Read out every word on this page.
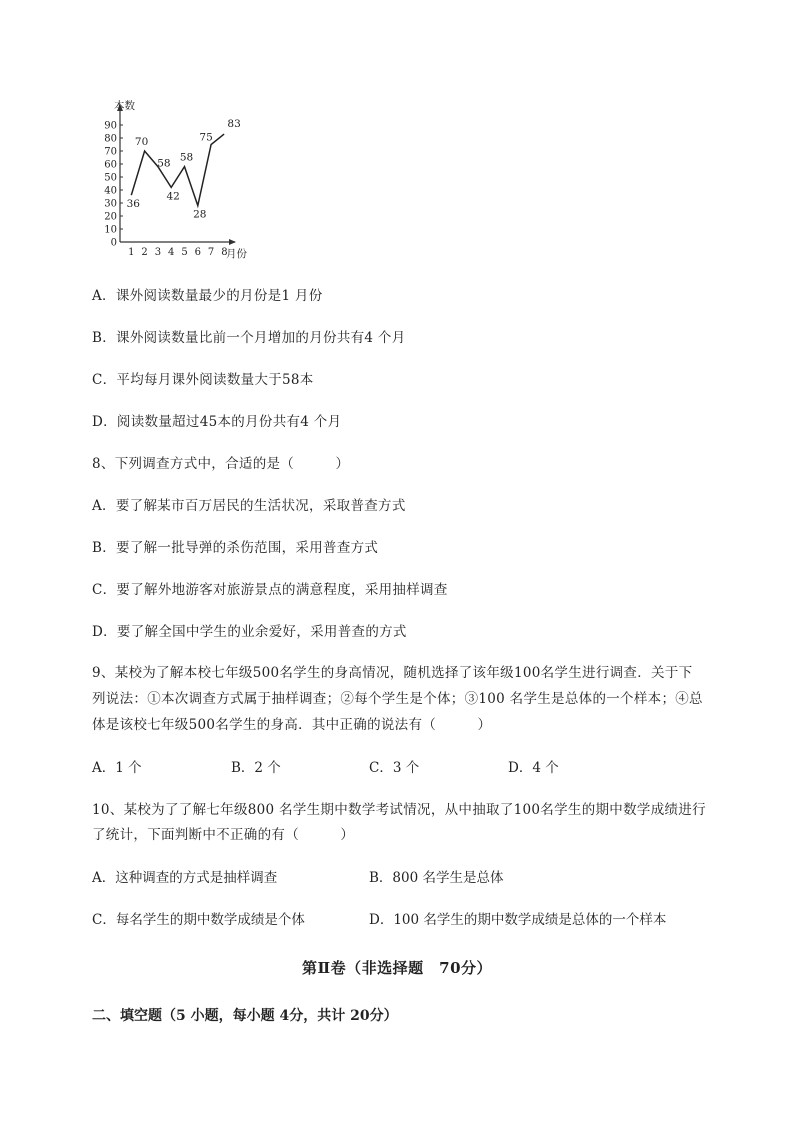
本数
月份
0
10
20
30
40
50
60
70
80
90
1 2 3 4 5 6 7 8
36
70
58
42
58
28
75
83
A．课外阅读数量最少的月份是1 月份
B．课外阅读数量比前一个月增加的月份共有4 个月
C．平均每月课外阅读数量大于58本
D．阅读数量超过45本的月份共有4 个月
8、下列调查方式中，合适的是（　　　）
A．要了解某市百万居民的生活状况，采取普查方式
B．要了解一批导弹的杀伤范围，采用普查方式
C．要了解外地游客对旅游景点的满意程度，采用抽样调查
D．要了解全国中学生的业余爱好，采用普查的方式
9、某校为了解本校七年级500名学生的身高情况，随机选择了该年级100名学生进行调查．关于下
列说法：①本次调查方式属于抽样调查；②每个学生是个体；③100 名学生是总体的一个样本；④总
体是该校七年级500名学生的身高．其中正确的说法有（　　　）
A．1 个	B．2 个	C．3 个	D．4 个
10、某校为了了解七年级800 名学生期中数学考试情况，从中抽取了100名学生的期中数学成绩进行
了统计，下面判断中不正确的有（　　　）
A．这种调查的方式是抽样调查	B．800 名学生是总体
C．每名学生的期中数学成绩是个体	D．100 名学生的期中数学成绩是总体的一个样本
第Ⅱ卷（非选择题　70分）
二、填空题（5 小题，每小题 4分，共计 20分）
